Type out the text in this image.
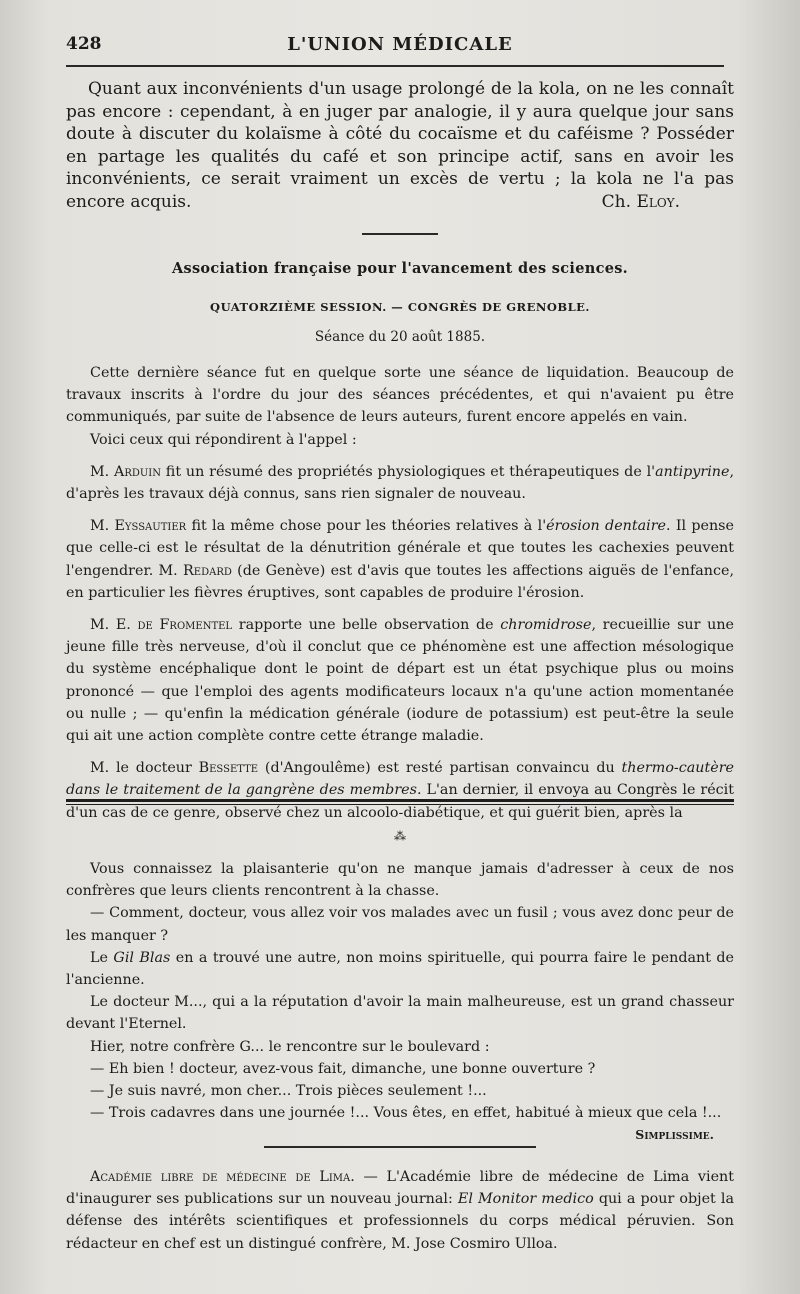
428	L'UNION MÉDICALE

Quant aux inconvénients d'un usage prolongé de la kola, on ne les connaît pas encore : cependant, à en juger par analogie, il y aura quelque jour sans doute à discuter du kolaïsme à côté du cocaïsme et du caféisme ? Posséder en partage les qualités du café et son principe actif, sans en avoir les inconvénients, ce serait vraiment un excès de vertu ; la kola ne l'a pas encore acquis.	Ch. Eloy.

Association française pour l'avancement des sciences.

QUATORZIÈME SESSION. — CONGRÈS DE GRENOBLE.

Séance du 20 août 1885.

Cette dernière séance fut en quelque sorte une séance de liquidation. Beaucoup de travaux inscrits à l'ordre du jour des séances précédentes, et qui n'avaient pu être communiqués, par suite de l'absence de leurs auteurs, furent encore appelés en vain.

Voici ceux qui répondirent à l'appel :

M. Arduin fit un résumé des propriétés physiologiques et thérapeutiques de l'antipyrine, d'après les travaux déjà connus, sans rien signaler de nouveau.

M. Eyssautier fit la même chose pour les théories relatives à l'érosion dentaire. Il pense que celle-ci est le résultat de la dénutrition générale et que toutes les cachexies peuvent l'engendrer. M. Redard (de Genève) est d'avis que toutes les affections aiguës de l'enfance, en particulier les fièvres éruptives, sont capables de produire l'érosion.

M. E. de Fromentel rapporte une belle observation de chromidrose, recueillie sur une jeune fille très nerveuse, d'où il conclut que ce phénomène est une affection mésologique du système encéphalique dont le point de départ est un état psychique plus ou moins prononcé — que l'emploi des agents modificateurs locaux n'a qu'une action momentanée ou nulle ; — qu'enfin la médication générale (iodure de potassium) est peut-être la seule qui ait une action complète contre cette étrange maladie.

M. le docteur Bessette (d'Angoulême) est resté partisan convaincu du thermo-cautère dans le traitement de la gangrène des membres. L'an dernier, il envoya au Congrès le récit d'un cas de ce genre, observé chez un alcoolo-diabétique, et qui guérit bien, après la

⁂

Vous connaissez la plaisanterie qu'on ne manque jamais d'adresser à ceux de nos confrères que leurs clients rencontrent à la chasse.

— Comment, docteur, vous allez voir vos malades avec un fusil ; vous avez donc peur de les manquer ?

Le Gil Blas en a trouvé une autre, non moins spirituelle, qui pourra faire le pendant de l'ancienne.

Le docteur M..., qui a la réputation d'avoir la main malheureuse, est un grand chasseur devant l'Eternel.

Hier, notre confrère G... le rencontre sur le boulevard :

— Eh bien ! docteur, avez-vous fait, dimanche, une bonne ouverture ?

— Je suis navré, mon cher... Trois pièces seulement !...

— Trois cadavres dans une journée !... Vous êtes, en effet, habitué à mieux que cela !...

Simplissime.

Académie libre de médecine de Lima. — L'Académie libre de médecine de Lima vient d'inaugurer ses publications sur un nouveau journal: El Monitor medico qui a pour objet la défense des intérêts scientifiques et professionnels du corps médical péruvien. Son rédacteur en chef est un distingué confrère, M. Jose Cosmiro Ulloa.
